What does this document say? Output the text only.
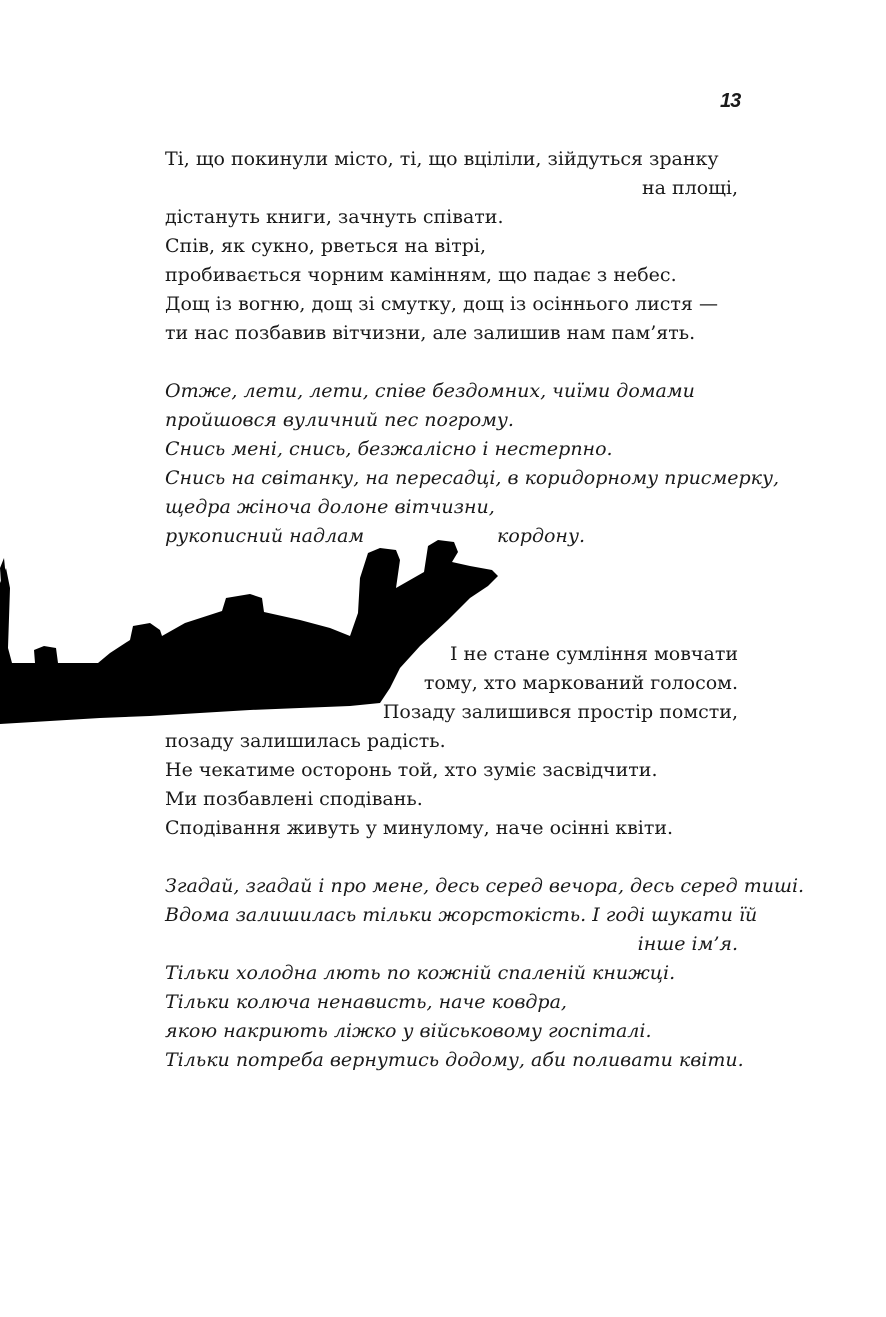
13
Ті, що покинули місто, ті, що вціліли, зійдуться зранку
на площі,
дістануть книги, зачнуть співати.
Спів, як сукно, рветься на вітрі,
пробивається чорним камінням, що падає з небес.
Дощ із вогню, дощ зі смутку, дощ із осіннього листя —
ти нас позбавив вітчизни, але залишив нам пам’ять.
Отже, лети, лети, співе бездомних, чиїми домами
пройшовся вуличний пес погрому.
Снись мені, снись, безжалісно і нестерпно.
Снись на світанку, на пересадці, в коридорному присмерку,
щедра жіноча долоне вітчизни,
рукописний надлам	кордону.
І не стане сумління мовчати
тому, хто маркований голосом.
Позаду залишився простір помсти,
позаду залишилась радість.
Не чекатиме осторонь той, хто зуміє засвідчити.
Ми позбавлені сподівань.
Сподівання живуть у минулому, наче осінні квіти.
Згадай, згадай і про мене, десь серед вечора, десь серед тиші.
Вдома залишилась тільки жорстокість. І годі шукати їй
інше ім’я.
Тільки холодна лють по кожній спаленій книжці.
Тільки колюча ненависть, наче ковдра,
якою накриють ліжко у військовому госпіталі.
Тільки потреба вернутись додому, аби поливати квіти.
